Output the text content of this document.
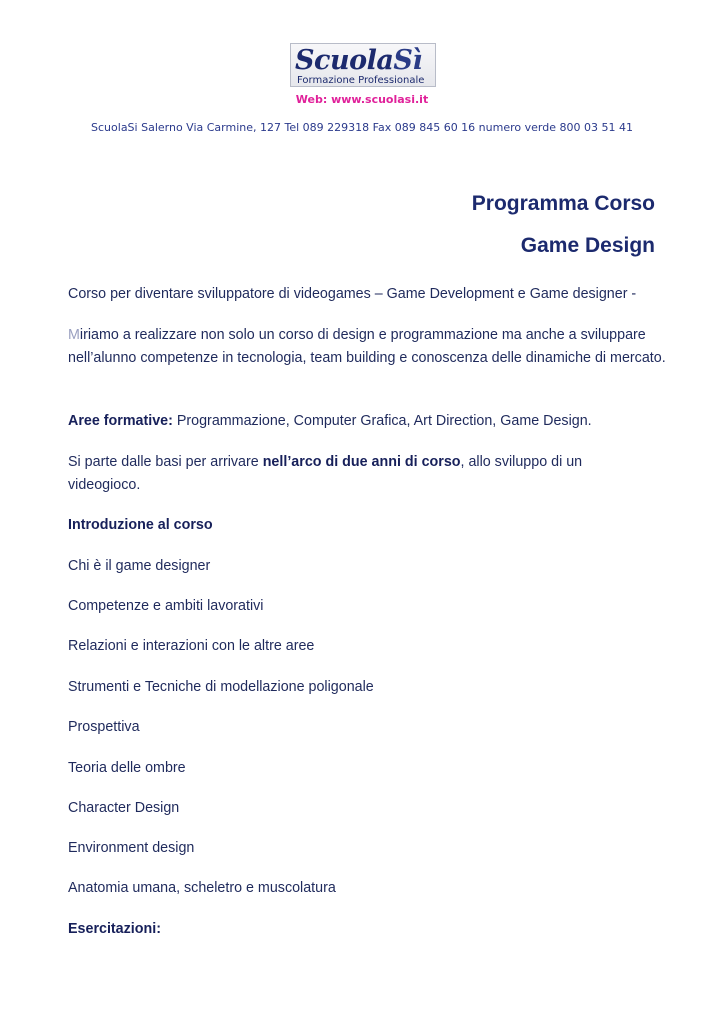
ScuolaSì
Formazione Professionale
Web: www.scuolasi.it
ScuolaSi Salerno Via Carmine, 127 Tel 089 229318 Fax 089 845 60 16 numero verde 800 03 51 41
Programma Corso
Game Design
Corso per diventare sviluppatore di videogames – Game Development e Game designer -
Miriamo a realizzare non solo un corso di design e programmazione ma anche a sviluppare nell’alunno competenze in tecnologia, team building e conoscenza delle dinamiche di mercato.
Aree formative: Programmazione, Computer Grafica, Art Direction, Game Design.
Si parte dalle basi per arrivare nell’arco di due anni di corso, allo sviluppo di un videogioco.
Introduzione al corso
Chi è il game designer
Competenze e ambiti lavorativi
Relazioni e interazioni con le altre aree
Strumenti e Tecniche di modellazione poligonale
Prospettiva
Teoria delle ombre
Character Design
Environment design
Anatomia umana, scheletro e muscolatura
Esercitazioni:
